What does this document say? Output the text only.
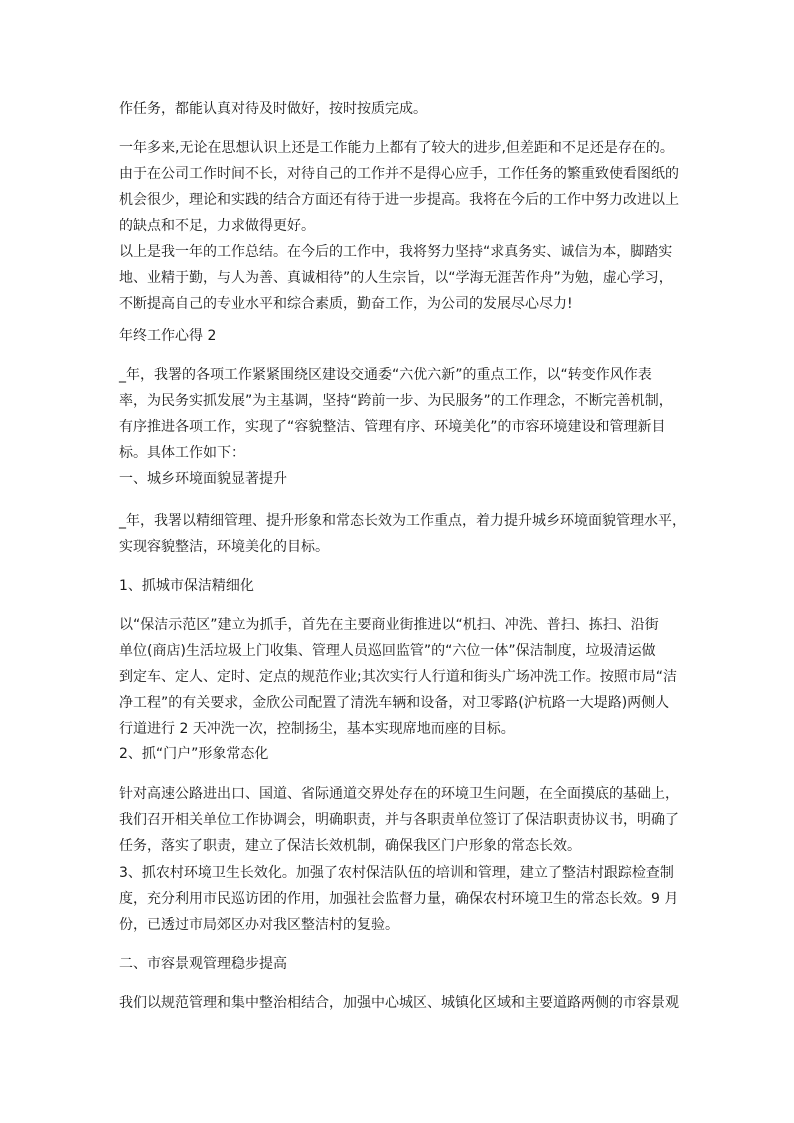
作任务，都能认真对待及时做好，按时按质完成。
一年多来,无论在思想认识上还是工作能力上都有了较大的进步,但差距和不足还是存在的。
由于在公司工作时间不长，对待自己的工作并不是得心应手，工作任务的繁重致使看图纸的
机会很少，理论和实践的结合方面还有待于进一步提高。我将在今后的工作中努力改进以上
的缺点和不足，力求做得更好。
以上是我一年的工作总结。在今后的工作中，我将努力坚持“求真务实、诚信为本，脚踏实
地、业精于勤，与人为善、真诚相待”的人生宗旨，以“学海无涯苦作舟”为勉，虚心学习，
不断提高自己的专业水平和综合素质，勤奋工作，为公司的发展尽心尽力!
年终工作心得 2
_年，我署的各项工作紧紧围绕区建设交通委“六优六新”的重点工作，以“转变作风作表
率，为民务实抓发展”为主基调，坚持“跨前一步、为民服务”的工作理念，不断完善机制，
有序推进各项工作，实现了“容貌整洁、管理有序、环境美化”的市容环境建设和管理新目
标。具体工作如下：
一、城乡环境面貌显著提升
_年，我署以精细管理、提升形象和常态长效为工作重点，着力提升城乡环境面貌管理水平，
实现容貌整洁，环境美化的目标。
1、抓城市保洁精细化
以“保洁示范区”建立为抓手，首先在主要商业街推进以“机扫、冲洗、普扫、拣扫、沿街
单位(商店)生活垃圾上门收集、管理人员巡回监管”的“六位一体”保洁制度，垃圾清运做
到定车、定人、定时、定点的规范作业;其次实行人行道和街头广场冲洗工作。按照市局“洁
净工程”的有关要求，金欣公司配置了清洗车辆和设备，对卫零路(沪杭路一大堤路)两侧人
行道进行 2 天冲洗一次，控制扬尘，基本实现席地而座的目标。
2、抓“门户”形象常态化
针对高速公路进出口、国道、省际通道交界处存在的环境卫生问题，在全面摸底的基础上，
我们召开相关单位工作协调会，明确职责，并与各职责单位签订了保洁职责协议书，明确了
任务，落实了职责，建立了保洁长效机制，确保我区门户形象的常态长效。
3、抓农村环境卫生长效化。加强了农村保洁队伍的培训和管理，建立了整洁村跟踪检查制
度，充分利用市民巡访团的作用，加强社会监督力量，确保农村环境卫生的常态长效。9 月
份，已透过市局郊区办对我区整洁村的复验。
二、市容景观管理稳步提高
我们以规范管理和集中整治相结合，加强中心城区、城镇化区域和主要道路两侧的市容景观
